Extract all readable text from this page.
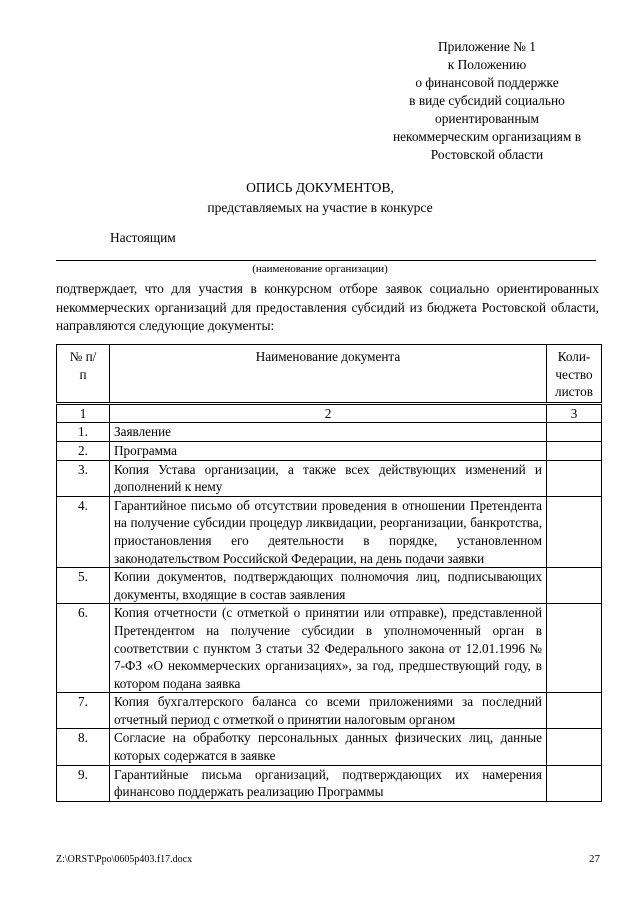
Приложение № 1
к Положению
о финансовой поддержке
в виде субсидий социально
ориентированным
некоммерческим организациям в
Ростовской области
ОПИСЬ ДОКУМЕНТОВ,
представляемых на участие в конкурсе
Настоящим
(наименование организации)
подтверждает, что для участия в конкурсном отборе заявок социально ориентированных некоммерческих организаций для предоставления субсидий из бюджета Ростовской области, направляются следующие документы:
№ п/п	Наименование документа	Коли-чество листов

1	2	3
1.	Заявление	
2.	Программа	
3.	Копия Устава организации, а также всех действующих изменений и дополнений к нему	
4.	Гарантийное письмо об отсутствии проведения в отношении Претендента на получение субсидии процедур ликвидации, реорганизации, банкротства, приостановления его деятельности в порядке, установленном законодательством Российской Федерации, на день подачи заявки	
5.	Копии документов, подтверждающих полномочия лиц, подписывающих документы, входящие в состав заявления	
6.	Копия отчетности (с отметкой о принятии или отправке), представленной Претендентом на получение субсидии в уполномоченный орган в соответствии с пунктом 3 статьи 32 Федерального закона от 12.01.1996 № 7-ФЗ «О некоммерческих организациях», за год, предшествующий году, в котором подана заявка	
7.	Копия бухгалтерского баланса со всеми приложениями за последний отчетный период с отметкой о принятии налоговым органом	
8.	Согласие на обработку персональных данных физических лиц, данные которых содержатся в заявке	
9.	Гарантийные письма организаций, подтверждающих их намерения финансово поддержать реализацию Программы	
Z:\ORST\Ppo\0605p403.f17.docx	27
